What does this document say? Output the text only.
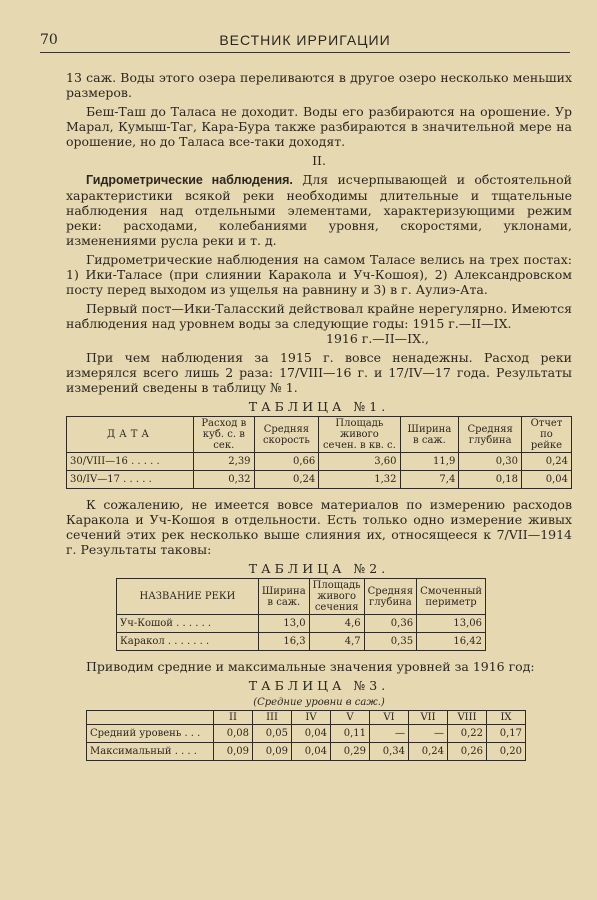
70	ВЕСТНИК ИРРИГАЦИИ

13 саж. Воды этого озера переливаются в другое озеро несколько меньших размеров.

Беш-Таш до Таласа не доходит. Воды его разбираются на орошение. Ур Марал, Кумыш-Таг, Кара-Бура также разбираются в значительной мере на орошение, но до Таласа все-таки доходят.

II.

Гидрометрические наблюдения. Для исчерпывающей и обстоятельной характеристики всякой реки необходимы длительные и тщательные наблюдения над отдельными элементами, характеризующими режим реки: расходами, колебаниями уровня, скоростями, уклонами, изменениями русла реки и т. д.

Гидрометрические наблюдения на самом Таласе велись на трех постах: 1) Ики-Таласе (при слиянии Каракола и Уч-Кошоя), 2) Александровском посту перед выходом из ущелья на равнину и 3) в г. Аулиэ-Ата.

Первый пост—Ики-Таласский действовал крайне нерегулярно. Имеются наблюдения над уровнем воды за следующие годы: 1915 г.—II—IX.

1916 г.—II—IX.,

При чем наблюдения за 1915 г. вовсе ненадежны. Расход реки измерялся всего лишь 2 раза: 17/VIII—16 г. и 17/IV—17 года. Результаты измерений сведены в таблицу № 1.

ТАБЛИЦА №1.
ДАТА	Расход в куб. с. в сек.	Средняя скорость	Площадь живого сечен. в кв. с.	Ширина в саж.	Средняя глубина	Отчет по рейке
30/VIII—16 . . . . .	2,39	0,66	3,60	11,9	0,30	0,24
30/IV—17 . . . . .	0,32	0,24	1,32	7,4	0,18	0,04

К сожалению, не имеется вовсе материалов по измерению расходов Каракола и Уч-Кошоя в отдельности. Есть только одно измерение живых сечений этих рек несколько выше слияния их, относящееся к 7/VII—1914 г. Результаты таковы:

ТАБЛИЦА №2.
НАЗВАНИЕ РЕКИ	Ширина в саж.	Площадь живого сечения	Средняя глубина	Смоченный периметр
Уч-Кошой . . . . . .	13,0	4,6	0,36	13,06
Каракол . . . . . . .	16,3	4,7	0,35	16,42

Приводим средние и максимальные значения уровней за 1916 год:

ТАБЛИЦА №3.
(Средние уровни в саж.)
	II	III	IV	V	VI	VII	VIII	IX
Средний уровень . . .	0,08	0,05	0,04	0,11	—	—	0,22	0,17
Максимальный . . . .	0,09	0,09	0,04	0,29	0,34	0,24	0,26	0,20
